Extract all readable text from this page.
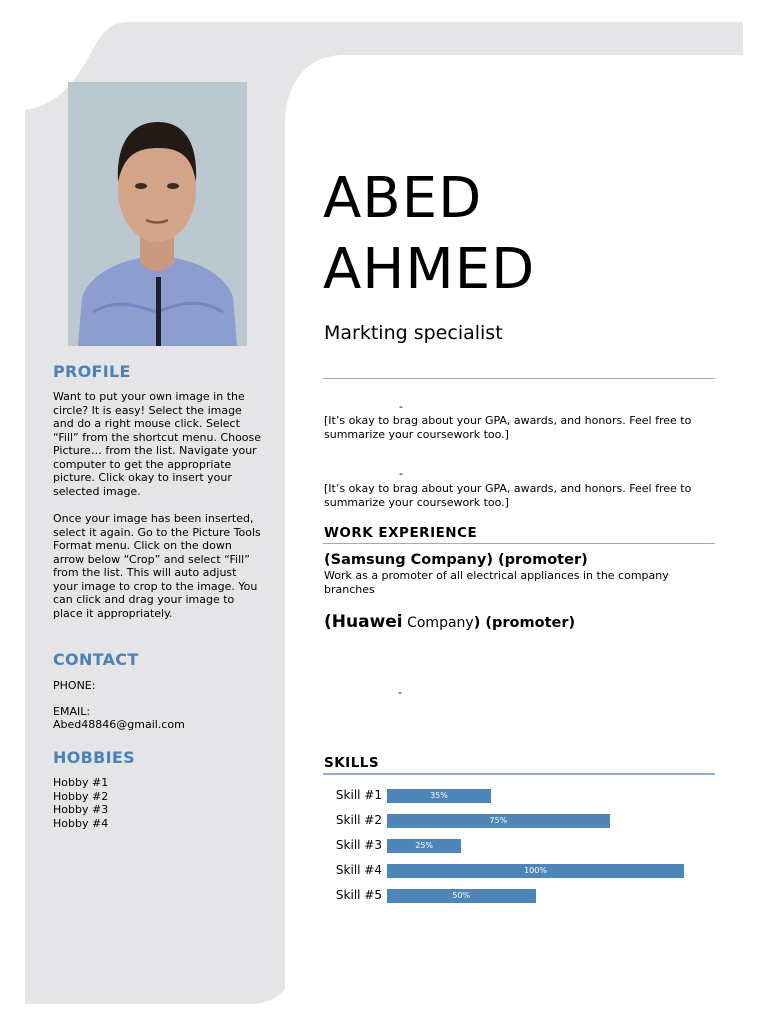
PROFILE
Want to put your own image in the circle? It is easy! Select the image and do a right mouse click. Select “Fill” from the shortcut menu. Choose Picture… from the list. Navigate your computer to get the appropriate picture. Click okay to insert your selected image.
Once your image has been inserted, select it again. Go to the Picture Tools Format menu. Click on the down arrow below “Crop” and select “Fill” from the list. This will auto adjust your image to crop to the image. You can click and drag your image to place it appropriately.
CONTACT
PHONE:
EMAIL:
Abed48846@gmail.com
HOBBIES
Hobby #1
Hobby #2
Hobby #3
Hobby #4
ABED
AHMED
Markting specialist
-
[It’s okay to brag about your GPA, awards, and honors. Feel free to summarize your coursework too.]
-
[It’s okay to brag about your GPA, awards, and honors. Feel free to summarize your coursework too.]
WORK EXPERIENCE
(Samsung Company) (promoter)
Work as a promoter of all electrical appliances in the company branches
(Huawei Company) (promoter)
-
SKILLS
Skill #1	35%
Skill #2	75%
Skill #3	25%
Skill #4	100%
Skill #5	50%
